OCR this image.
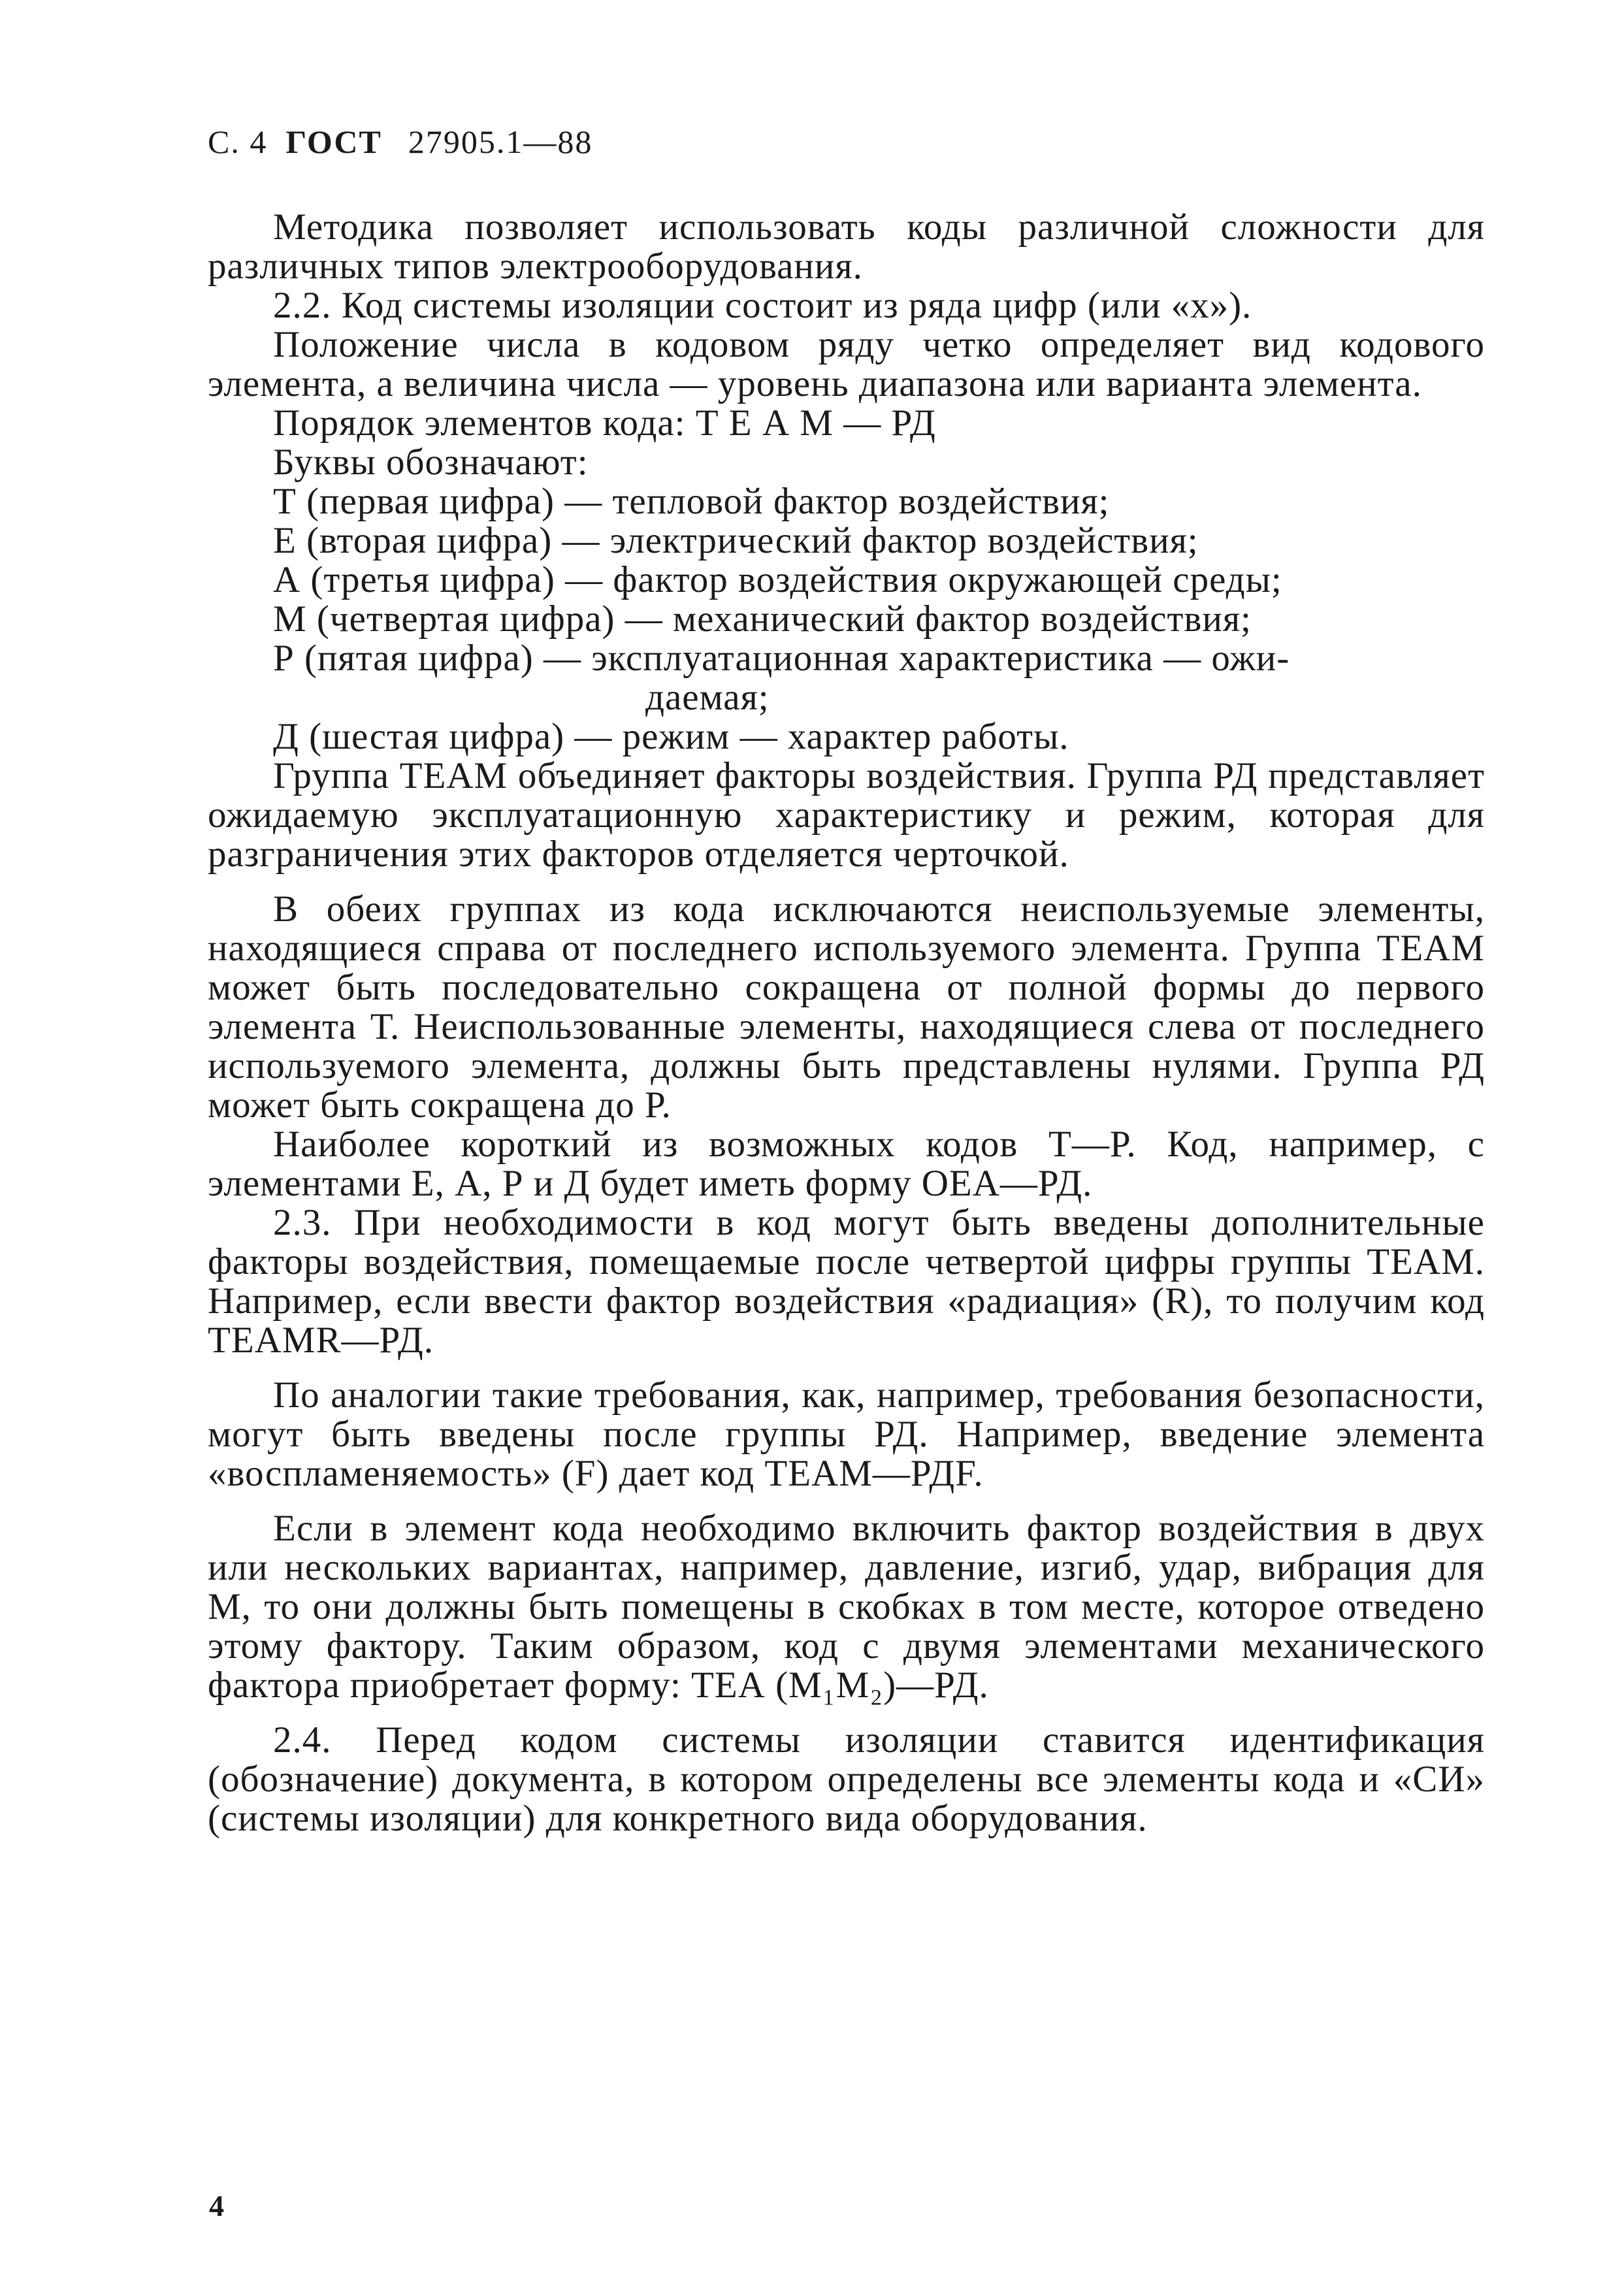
С. 4 ГОСТ 27905.1—88

Методика позволяет использовать коды различной сложности для различных типов электрооборудования.

2.2. Код системы изоляции состоит из ряда цифр (или «х»).

Положение числа в кодовом ряду четко определяет вид кодового элемента, а величина числа — уровень диапазона или варианта элемента.

Порядок элементов кода: Т Е А М — РД

Буквы обозначают:

Т (первая цифра) — тепловой фактор воздействия;
Е (вторая цифра) — электрический фактор воздействия;
А (третья цифра) — фактор воздействия окружающей среды;
М (четвертая цифра) — механический фактор воздействия;
Р (пятая цифра) — эксплуатационная характеристика — ожи-
даемая;
Д (шестая цифра) — режим — характер работы.

Группа ТЕАМ объединяет факторы воздействия. Группа РД представляет ожидаемую эксплуатационную характеристику и режим, которая для разграничения этих факторов отделяется черточкой.

В обеих группах из кода исключаются неиспользуемые элементы, находящиеся справа от последнего используемого элемента. Группа ТЕАМ может быть последовательно сокращена от полной формы до первого элемента Т. Неиспользованные элементы, находящиеся слева от последнего используемого элемента, должны быть представлены нулями. Группа РД может быть сокращена до Р.

Наиболее короткий из возможных кодов Т—Р. Код, например, с элементами Е, А, Р и Д будет иметь форму ОЕА—РД.

2.3. При необходимости в код могут быть введены дополнительные факторы воздействия, помещаемые после четвертой цифры группы ТЕАМ. Например, если ввести фактор воздействия «радиация» (R), то получим код TEAMR—РД.

По аналогии такие требования, как, например, требования безопасности, могут быть введены после группы РД. Например, введение элемента «воспламеняемость» (F) дает код ТЕАМ—РДF.

Если в элемент кода необходимо включить фактор воздействия в двух или нескольких вариантах, например, давление, изгиб, удар, вибрация для М, то они должны быть помещены в скобках в том месте, которое отведено этому фактору. Таким образом, код с двумя элементами механического фактора приобретает форму: ТЕА (M₁M₂)—РД.

2.4. Перед кодом системы изоляции ставится идентификация (обозначение) документа, в котором определены все элементы кода и «СИ» (системы изоляции) для конкретного вида оборудования.

4
